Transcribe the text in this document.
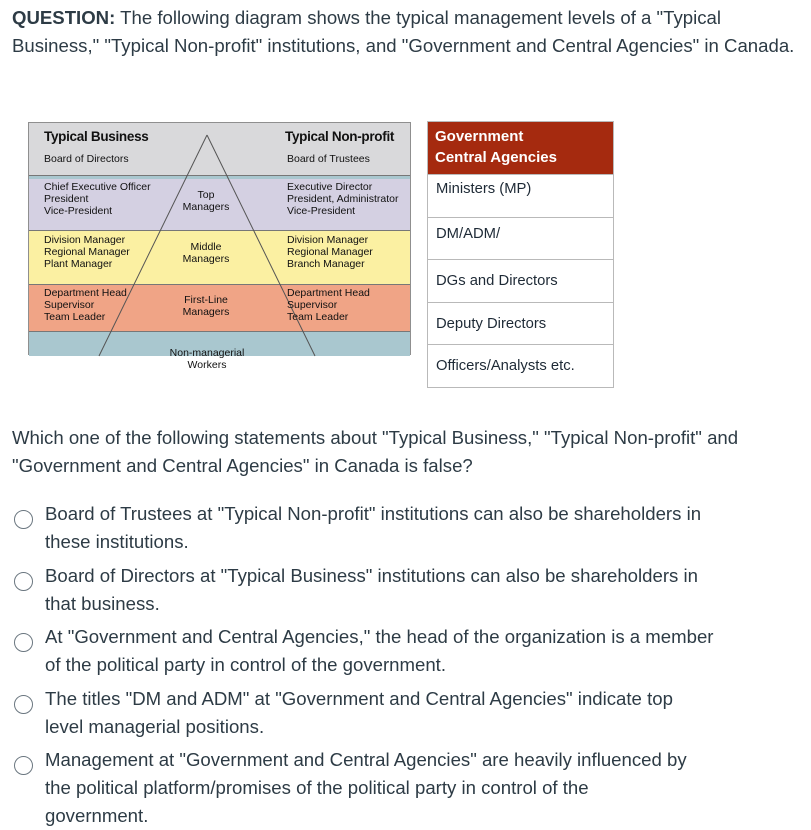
QUESTION: The following diagram shows the typical management levels of a "Typical Business," "Typical Non-profit" institutions, and "Government and Central Agencies" in Canada.
Typical Business
Board of Directors
Typical Non-profit
Board of Trustees
Chief Executive Officer
President
Vice-President
Division Manager
Regional Manager
Plant Manager
Department Head
Supervisor
Team Leader
Executive Director
President, Administrator
Vice-President
Division Manager
Regional Manager
Branch Manager
Department Head
Supervisor
Team Leader
Top
Managers
Middle
Managers
First-Line
Managers
Non-managerial
Workers
Government
Central Agencies
Ministers (MP)
DM/ADM/
DGs and Directors
Deputy Directors
Officers/Analysts etc.
Which one of the following statements about "Typical Business," "Typical Non-profit" and "Government and Central Agencies" in Canada is false?
Board of Trustees at "Typical Non-profit" institutions can also be shareholders in
these institutions.
Board of Directors at "Typical Business" institutions can also be shareholders in
that business.
At "Government and Central Agencies," the head of the organization is a member
of the political party in control of the government.
The titles "DM and ADM" at "Government and Central Agencies" indicate top
level managerial positions.
Management at "Government and Central Agencies" are heavily influenced by
the political platform/promises of the political party in control of the
government.
